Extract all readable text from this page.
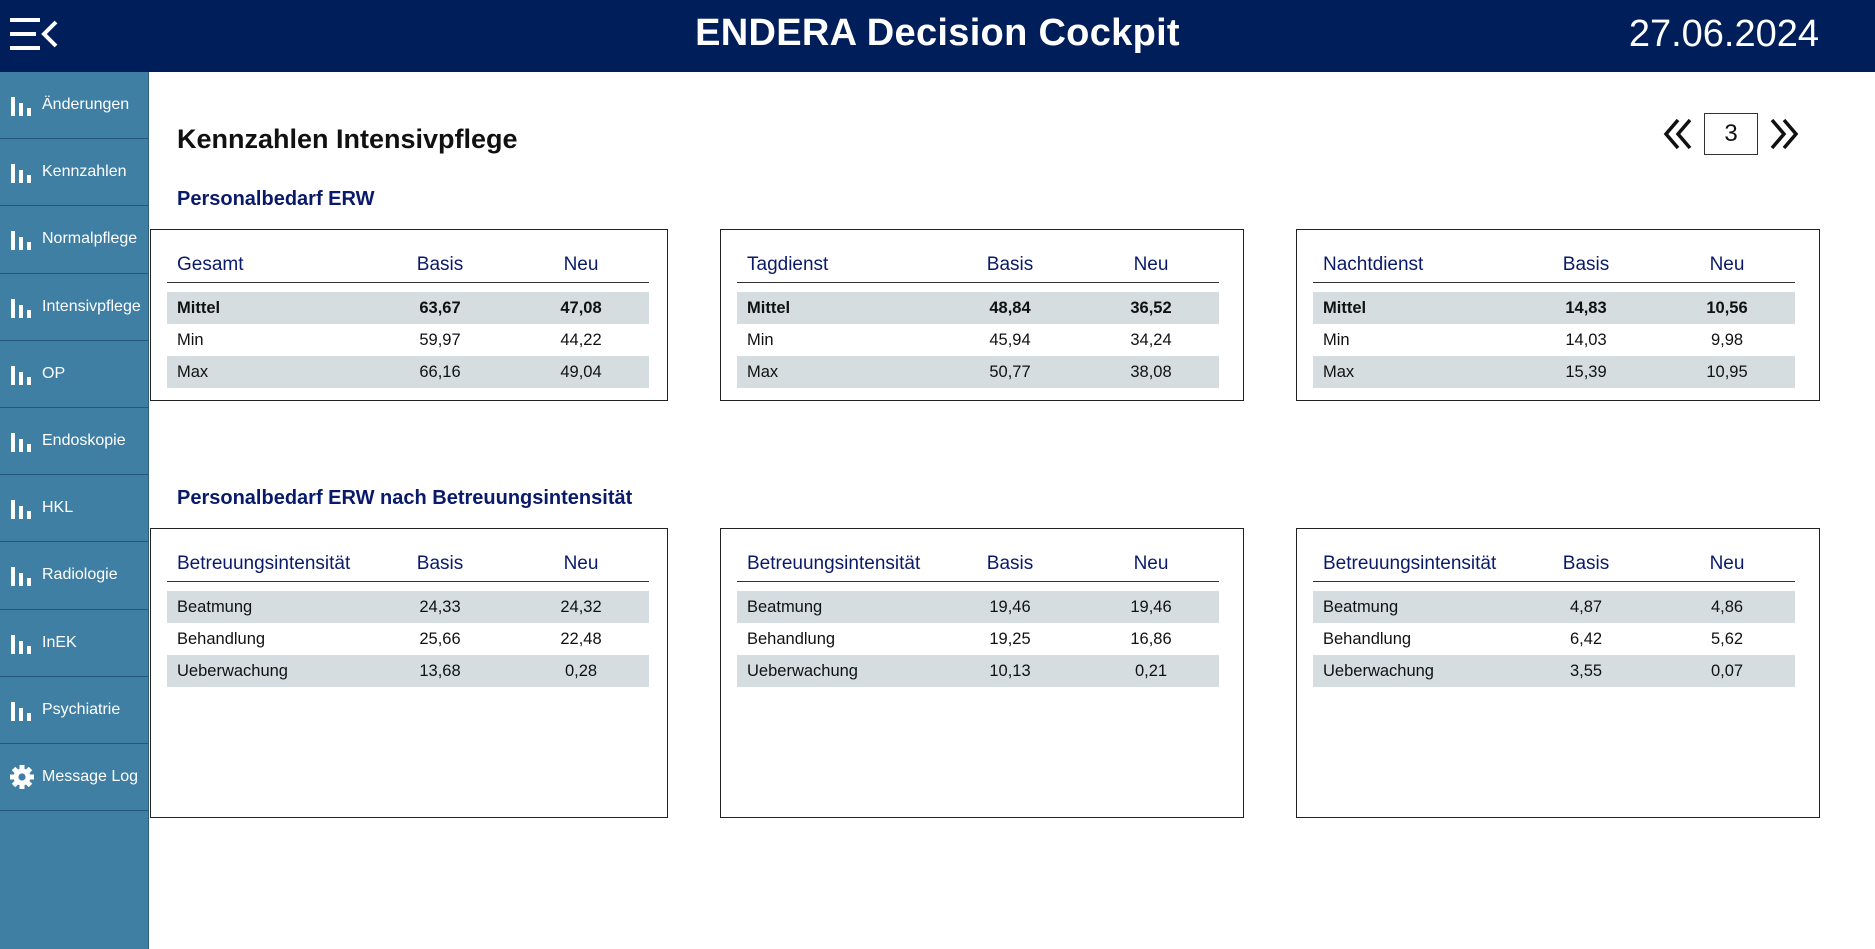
ENDERA Decision Cockpit	27.06.2024
Änderungen
Kennzahlen
Normalpflege
Intensivpflege
OP
Endoskopie
HKL
Radiologie
InEK
Psychiatrie
Message Log
Kennzahlen Intensivpflege	3
Personalbedarf ERW
Gesamt	Basis	Neu

Mittel	63,67	47,08
Min	59,97	44,22
Max	66,16	49,04
Tagdienst	Basis	Neu

Mittel	48,84	36,52
Min	45,94	34,24
Max	50,77	38,08
Nachtdienst	Basis	Neu

Mittel	14,83	10,56
Min	14,03	9,98
Max	15,39	10,95
Personalbedarf ERW nach Betreuungsintensität
Betreuungsintensität	Basis	Neu

Beatmung	24,33	24,32
Behandlung	25,66	22,48
Ueberwachung	13,68	0,28
Betreuungsintensität	Basis	Neu

Beatmung	19,46	19,46
Behandlung	19,25	16,86
Ueberwachung	10,13	0,21
Betreuungsintensität	Basis	Neu

Beatmung	4,87	4,86
Behandlung	6,42	5,62
Ueberwachung	3,55	0,07
